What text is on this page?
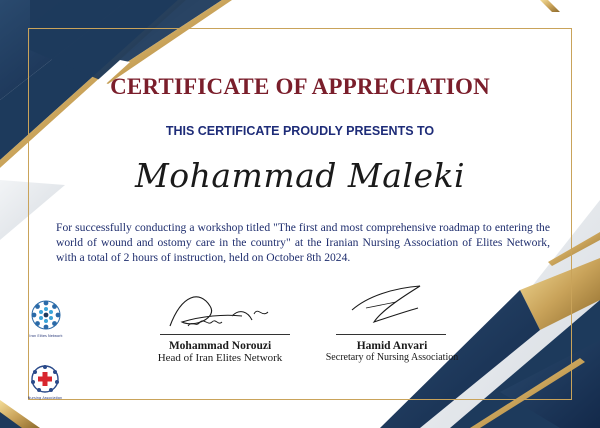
CERTIFICATE OF APPRECIATION
THIS CERTIFICATE PROUDLY PRESENTS TO
Mohammad Maleki
For successfully conducting a workshop titled "The first and most comprehensive roadmap to entering the world of wound and ostomy care in the country" at the Iranian Nursing Association of Elites Network, with a total of 2 hours of instruction, held on October 8th 2024.
Mohammad Norouzi
Head of Iran Elites Network
Hamid Anvari
Secretary of Nursing Association
Iran Elites Network
Nursing Association
